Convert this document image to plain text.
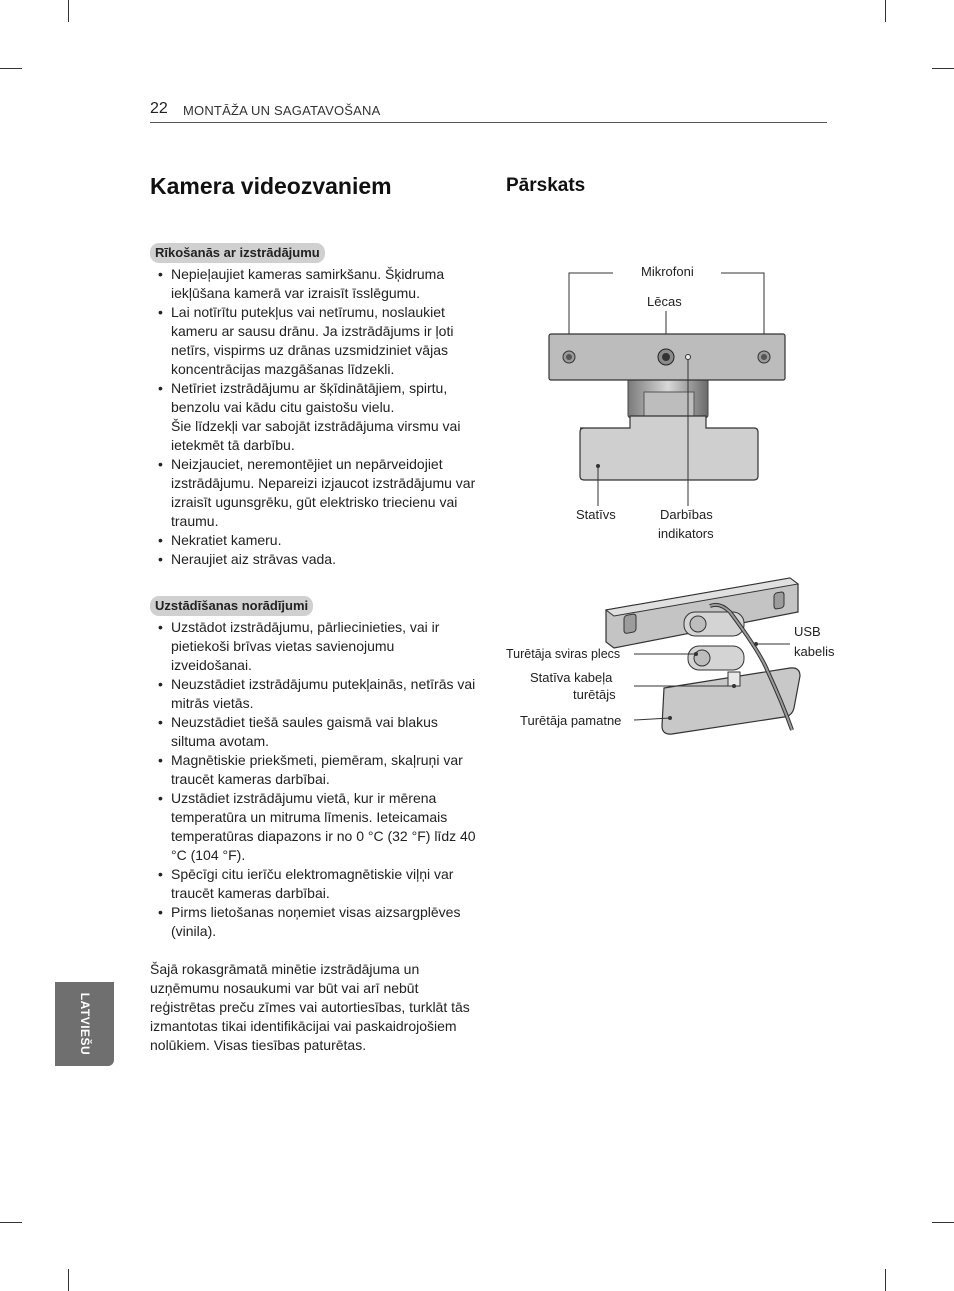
22 MONTĀŽA UN SAGATAVOŠANA
Kamera videozvaniem	Pārskats
Rīkošanās ar izstrādājumu
• Nepieļaujiet kameras samirkšanu. Šķidruma iekļūšana kamerā var izraisīt īsslēgumu.
• Lai notīrītu putekļus vai netīrumu, noslaukiet kameru ar sausu drānu. Ja izstrādājums ir ļoti netīrs, vispirms uz drānas uzsmidziniet vājas koncentrācijas mazgāšanas līdzekli.
• Netīriet izstrādājumu ar šķīdinātājiem, spirtu, benzolu vai kādu citu gaistošu vielu.
Šie līdzekļi var sabojāt izstrādājuma virsmu vai ietekmēt tā darbību.
• Neizjauciet, neremontējiet un nepārveidojiet izstrādājumu. Nepareizi izjaucot izstrādājumu var izraisīt ugunsgrēku, gūt elektrisko triecienu vai traumu.
• Nekratiet kameru.
• Neraujiet aiz strāvas vada.
Uzstādīšanas norādījumi
• Uzstādot izstrādājumu, pārliecinieties, vai ir pietiekoši brīvas vietas savienojumu izveidošanai.
• Neuzstādiet izstrādājumu putekļainās, netīrās vai mitrās vietās.
• Neuzstādiet tiešā saules gaismā vai blakus siltuma avotam.
• Magnētiskie priekšmeti, piemēram, skaļruņi var traucēt kameras darbībai.
• Uzstādiet izstrādājumu vietā, kur ir mērena temperatūra un mitruma līmenis. Ieteicamais temperatūras diapazons ir no 0 °C (32 °F) līdz 40 °C (104 °F).
• Spēcīgi citu ierīču elektromagnētiskie viļņi var traucēt kameras darbībai.
• Pirms lietošanas noņemiet visas aizsargplēves (vinila).

Šajā rokasgrāmatā minētie izstrādājuma un uzņēmumu nosaukumi var būt vai arī nebūt reģistrētas preču zīmes vai autortiesības, turklāt tās izmantotas tikai identifikācijai vai paskaidrojošiem nolūkiem. Visas tiesības paturētas.

LATVIEŠU
Mikrofoni
Lēcas
Statīvs	Darbības
indikators
Turētāja sviras plecs
Statīva kabeļa
turētājs
Turētāja pamatne
USB
kabelis
